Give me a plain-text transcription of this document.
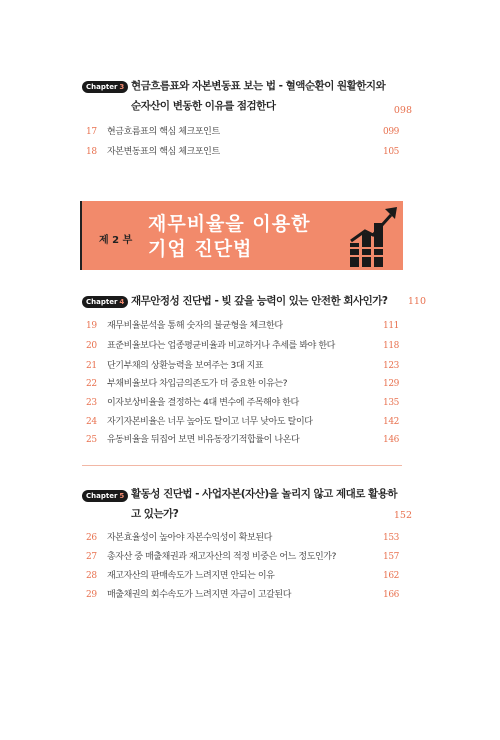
Chapter 3 현금흐름표와 자본변동표 보는 법 - 혈액순환이 원활한지와 순자산이 변동한 이유를 점검한다	098
17 현금흐름표의 핵심 체크포인트	099
18 자본변동표의 핵심 체크포인트	105
제 2 부
재무비율을 이용한
기업 진단법
Chapter 4 재무안정성 진단법 - 빚 갚을 능력이 있는 안전한 회사인가? 110
19 재무비율분석을 통해 숫자의 불균형을 체크한다	111
20 표준비율보다는 업종평균비율과 비교하거나 추세를 봐야 한다	118
21 단기부채의 상환능력을 보여주는 3대 지표	123
22 부채비율보다 차입금의존도가 더 중요한 이유는?	129
23 이자보상비율을 결정하는 4대 변수에 주목해야 한다	135
24 자기자본비율은 너무 높아도 탈이고 너무 낮아도 탈이다	142
25 유동비율을 뒤집어 보면 비유동장기적합률이 나온다	146
Chapter 5 활동성 진단법 - 사업자본(자산)을 놀리지 않고 제대로 활용하고 있는가?	152
26 자본효율성이 높아야 자본수익성이 확보된다	153
27 총자산 중 매출채권과 재고자산의 적정 비중은 어느 정도인가?	157
28 재고자산의 판매속도가 느려지면 안되는 이유	162
29 매출채권의 회수속도가 느려지면 자금이 고갈된다	166
